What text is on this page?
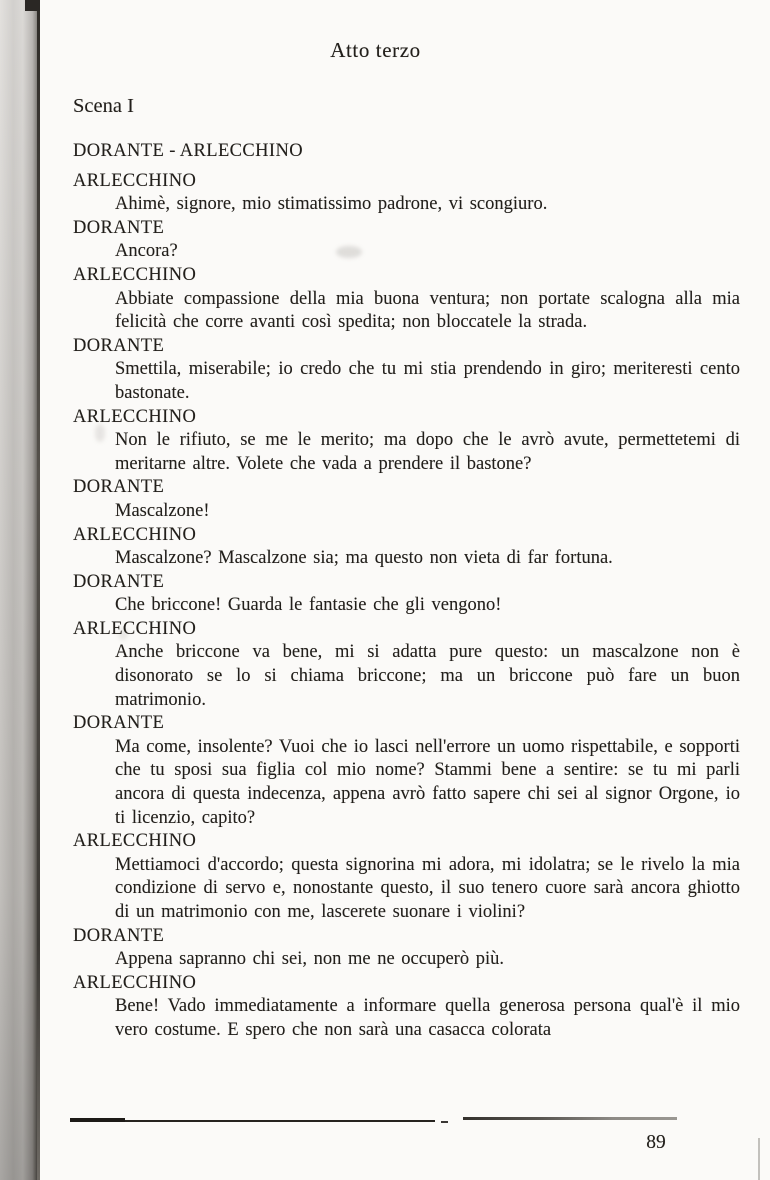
Atto terzo
Scena I
DORANTE - ARLECCHINO
ARLECCHINO
Ahimè, signore, mio stimatissimo padrone, vi scongiuro.
DORANTE
Ancora?
ARLECCHINO
Abbiate compassione della mia buona ventura; non portate scalogna alla mia felicità che corre avanti così spedita; non bloccatele la strada.
DORANTE
Smettila, miserabile; io credo che tu mi stia prendendo in giro; meriteresti cento bastonate.
ARLECCHINO
Non le rifiuto, se me le merito; ma dopo che le avrò avute, permettetemi di meritarne altre. Volete che vada a prendere il bastone?
DORANTE
Mascalzone!
ARLECCHINO
Mascalzone? Mascalzone sia; ma questo non vieta di far fortuna.
DORANTE
Che briccone! Guarda le fantasie che gli vengono!
ARLECCHINO
Anche briccone va bene, mi si adatta pure questo: un mascalzone non è disonorato se lo si chiama briccone; ma un briccone può fare un buon matrimonio.
DORANTE
Ma come, insolente? Vuoi che io lasci nell'errore un uomo rispettabile, e sopporti che tu sposi sua figlia col mio nome? Stammi bene a sentire: se tu mi parli ancora di questa indecenza, appena avrò fatto sapere chi sei al signor Orgone, io ti licenzio, capito?
ARLECCHINO
Mettiamoci d'accordo; questa signorina mi adora, mi idolatra; se le rivelo la mia condizione di servo e, nonostante questo, il suo tenero cuore sarà ancora ghiotto di un matrimonio con me, lascerete suonare i violini?
DORANTE
Appena sapranno chi sei, non me ne occuperò più.
ARLECCHINO
Bene! Vado immediatamente a informare quella generosa persona qual'è il mio vero costume. E spero che non sarà una casacca colorata
89
